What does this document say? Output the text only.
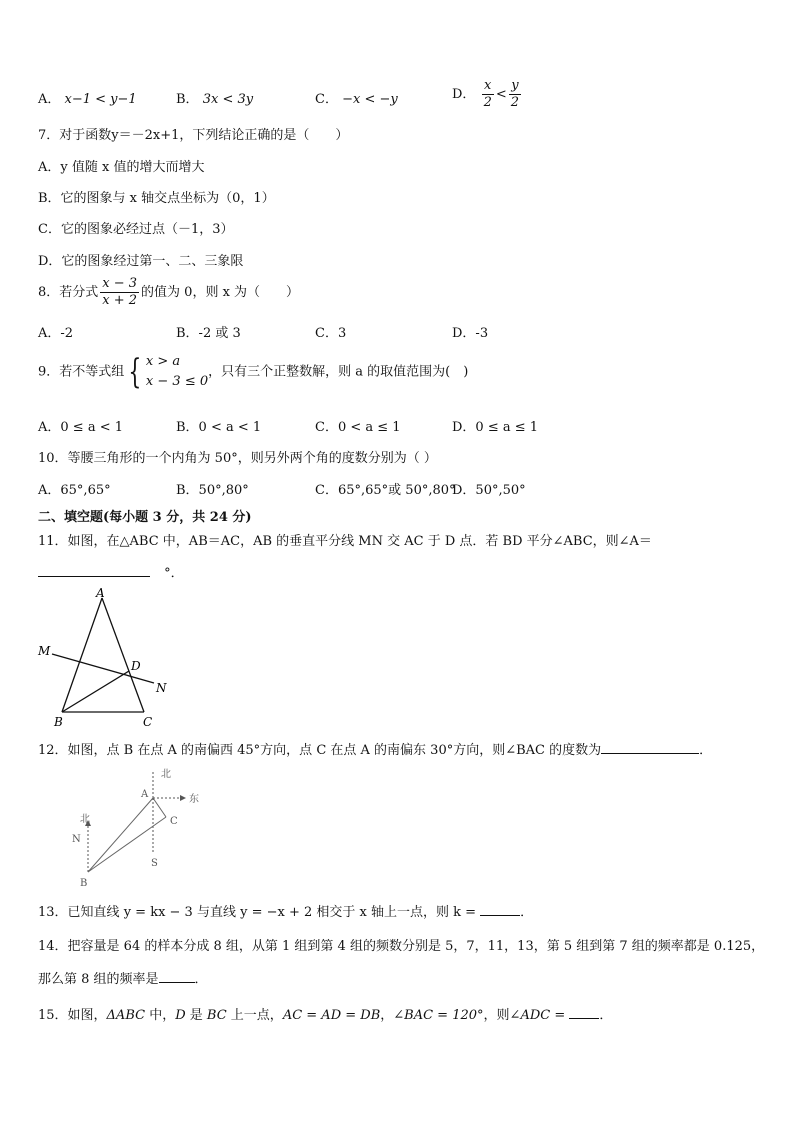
A． x−1 < y−1	B． 3x < 3y	C． −x < −y	D． $\frac{x}{2} < \frac{y}{2}$
7．对于函数y＝－2x+1，下列结论正确的是（　　）
A．y 值随 x 值的增大而增大
B．它的图象与 x 轴交点坐标为（0，1）
C．它的图象必经过点（－1，3）
D．它的图象经过第一、二、三象限
8．若分式 $\frac{x - 3}{x + 2}$ 的值为 0，则 x 为（　　）
A．-2	B．-2 或 3	C．3	D．-3
9．若不等式组 { x > a
x − 3 ≤ 0
，只有三个正整数解，则 a 的取值范围为(　)
A．0 ≤ a < 1	B．0 < a < 1	C．0 < a ≤ 1	D．0 ≤ a ≤ 1
10．等腰三角形的一个内角为 50°，则另外两个角的度数分别为（ ）
A．65°,65°	B．50°,80°	C．65°,65°或 50°,80°
D．50°,50°
二、填空题(每小题 3 分，共 24 分)
11．如图，在△ABC 中，AB＝AC，AB 的垂直平分线 MN 交 AC 于 D 点．若 BD 平分∠ABC，则∠A＝
°．
A
B	C
D
M
N
12．如图，点 B 在点 A 的南偏西 45°方向，点 C 在点 A 的南偏东 30°方向，则∠BAC 的度数为	．
北
东
A
C
S
北
N
B
13．已知直线 y = kx − 3 与直线 y = −x + 2 相交于 x 轴上一点，则 k =	．
14．把容量是 64 的样本分成 8 组，从第 1 组到第 4 组的频数分别是 5，7，11，13，第 5 组到第 7 组的频率都是 0.125，
那么第 8 组的频率是	．
15．如图，ΔABC 中，D 是 BC 上一点，AC = AD = DB，∠BAC = 120°，则∠ADC = ．
